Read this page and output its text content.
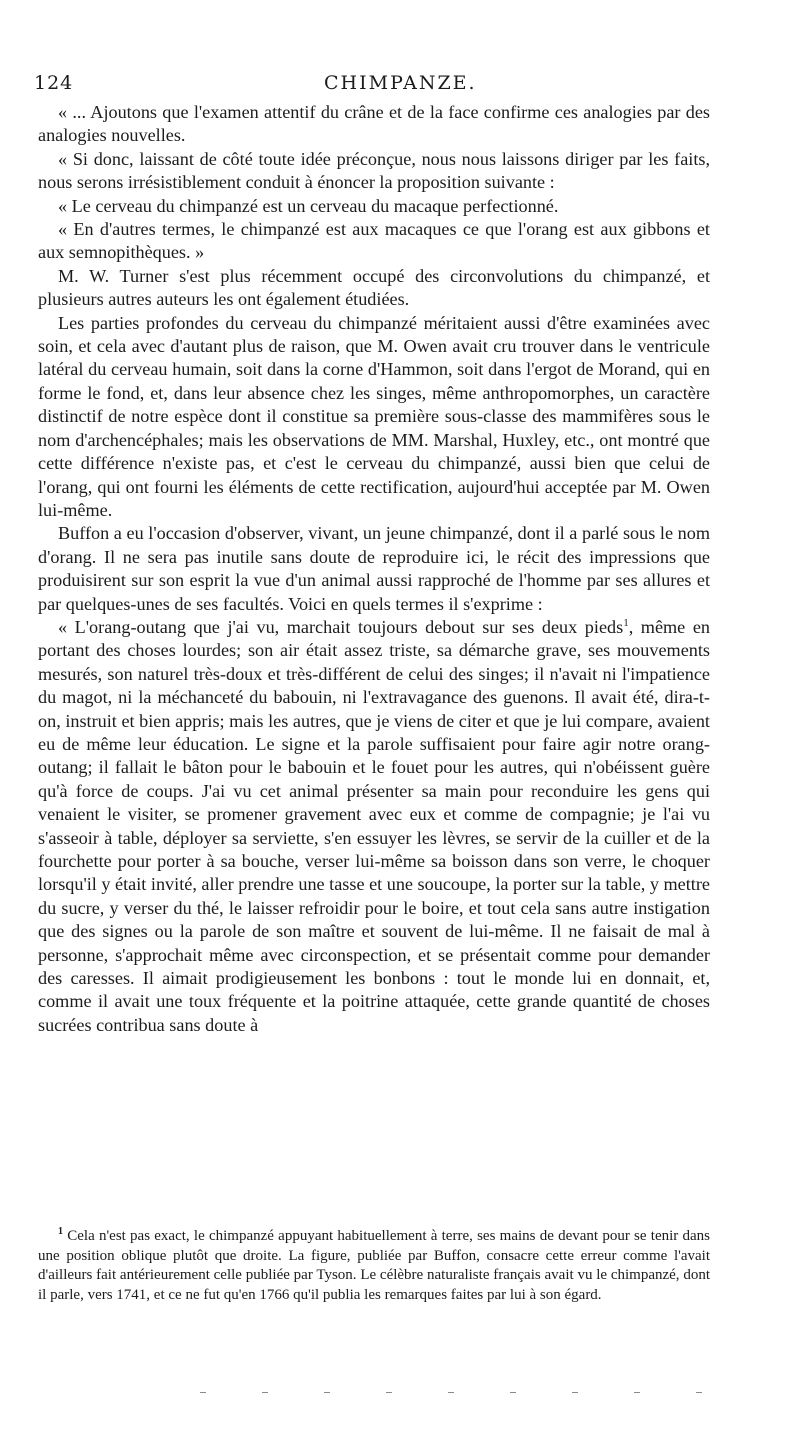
124	CHIMPANZE.

« ... Ajoutons que l'examen attentif du crâne et de la face confirme ces analogies par des analogies nouvelles.

« Si donc, laissant de côté toute idée préconçue, nous nous laissons diriger par les faits, nous serons irrésistiblement conduit à énoncer la proposition suivante :

« Le cerveau du chimpanzé est un cerveau du macaque perfectionné.

« En d'autres termes, le chimpanzé est aux macaques ce que l'orang est aux gibbons et aux semnopithèques. »

M. W. Turner s'est plus récemment occupé des circonvolutions du chimpanzé, et plusieurs autres auteurs les ont également étudiées.

Les parties profondes du cerveau du chimpanzé méritaient aussi d'être examinées avec soin, et cela avec d'autant plus de raison, que M. Owen avait cru trouver dans le ventricule latéral du cerveau humain, soit dans la corne d'Hammon, soit dans l'ergot de Morand, qui en forme le fond, et, dans leur absence chez les singes, même anthropomorphes, un caractère distinctif de notre espèce dont il constitue sa première sous-classe des mammifères sous le nom d'archencéphales; mais les observations de MM. Marshal, Huxley, etc., ont montré que cette différence n'existe pas, et c'est le cerveau du chimpanzé, aussi bien que celui de l'orang, qui ont fourni les éléments de cette rectification, aujourd'hui acceptée par M. Owen lui-même.

Buffon a eu l'occasion d'observer, vivant, un jeune chimpanzé, dont il a parlé sous le nom d'orang. Il ne sera pas inutile sans doute de reproduire ici, le récit des impressions que produisirent sur son esprit la vue d'un animal aussi rapproché de l'homme par ses allures et par quelques-unes de ses facultés. Voici en quels termes il s'exprime :

« L'orang-outang que j'ai vu, marchait toujours debout sur ses deux pieds$^1$, même en portant des choses lourdes; son air était assez triste, sa démarche grave, ses mouvements mesurés, son naturel très-doux et très-différent de celui des singes; il n'avait ni l'impatience du magot, ni la méchanceté du babouin, ni l'extravagance des guenons. Il avait été, dira-t-on, instruit et bien appris; mais les autres, que je viens de citer et que je lui compare, avaient eu de même leur éducation. Le signe et la parole suffisaient pour faire agir notre orang-outang; il fallait le bâton pour le babouin et le fouet pour les autres, qui n'obéissent guère qu'à force de coups. J'ai vu cet animal présenter sa main pour reconduire les gens qui venaient le visiter, se promener gravement avec eux et comme de compagnie; je l'ai vu s'asseoir à table, déployer sa serviette, s'en essuyer les lèvres, se servir de la cuiller et de la fourchette pour porter à sa bouche, verser lui-même sa boisson dans son verre, le choquer lorsqu'il y était invité, aller prendre une tasse et une soucoupe, la porter sur la table, y mettre du sucre, y verser du thé, le laisser refroidir pour le boire, et tout cela sans autre instigation que des signes ou la parole de son maître et souvent de lui-même. Il ne faisait de mal à personne, s'approchait même avec circonspection, et se présentait comme pour demander des caresses. Il aimait prodigieusement les bonbons : tout le monde lui en donnait, et, comme il avait une toux fréquente et la poitrine attaquée, cette grande quantité de choses sucrées contribua sans doute à

$^1$ Cela n'est pas exact, le chimpanzé appuyant habituellement à terre, ses mains de devant pour se tenir dans une position oblique plutôt que droite. La figure, publiée par Buffon, consacre cette erreur comme l'avait d'ailleurs fait antérieurement celle publiée par Tyson. Le célèbre naturaliste français avait vu le chimpanzé, dont il parle, vers 1741, et ce ne fut qu'en 1766 qu'il publia les remarques faites par lui à son égard.
